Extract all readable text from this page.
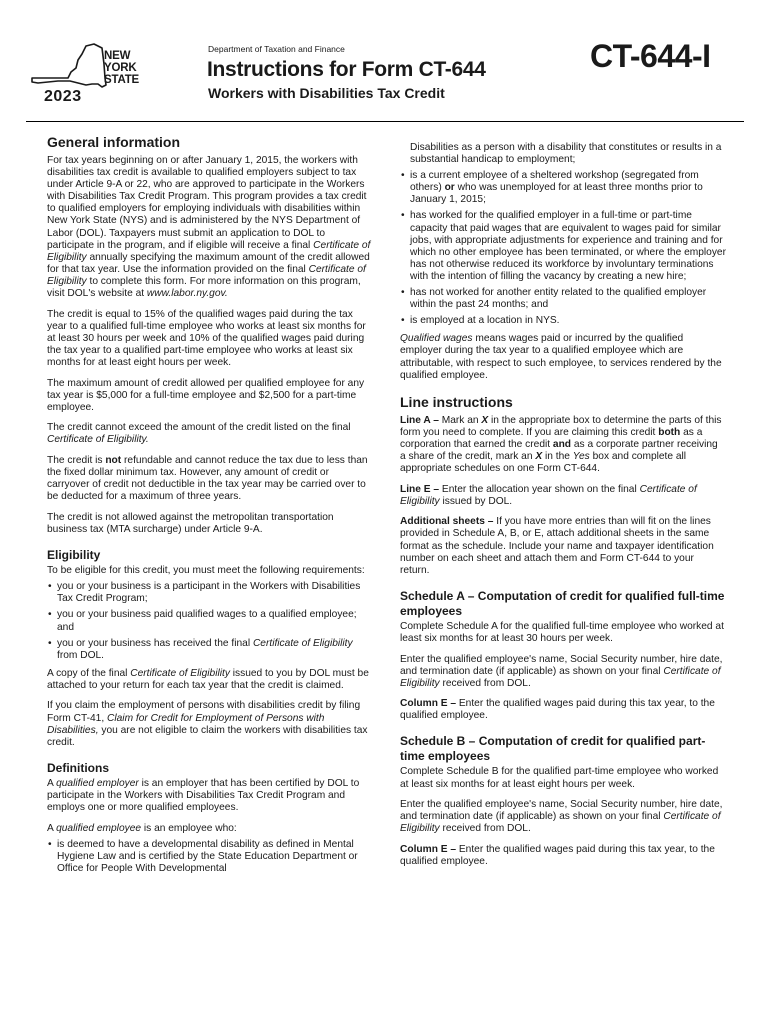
NEW
YORK
STATE
2023
Department of Taxation and Finance
Instructions for Form CT-644
Workers with Disabilities Tax Credit
CT-644-I
General information

For tax years beginning on or after January 1, 2015, the workers with disabilities tax credit is available to qualified employers subject to tax under Article 9-A or 22, who are approved to participate in the Workers with Disabilities Tax Credit Program. This program provides a tax credit to qualified employers for employing individuals with disabilities within New York State (NYS) and is administered by the NYS Department of Labor (DOL). Taxpayers must submit an application to DOL to participate in the program, and if eligible will receive a final Certificate of Eligibility annually specifying the maximum amount of the credit allowed for that tax year. Use the information provided on the final Certificate of Eligibility to complete this form. For more information on this program, visit DOL's website at www.labor.ny.gov.

The credit is equal to 15% of the qualified wages paid during the tax year to a qualified full-time employee who works at least six months for at least 30 hours per week and 10% of the qualified wages paid during the tax year to a qualified part-time employee who works at least six months for at least eight hours per week.

The maximum amount of credit allowed per qualified employee for any tax year is $5,000 for a full-time employee and $2,500 for a part-time employee.

The credit cannot exceed the amount of the credit listed on the final Certificate of Eligibility.

The credit is not refundable and cannot reduce the tax due to less than the fixed dollar minimum tax. However, any amount of credit or carryover of credit not deductible in the tax year may be carried over to be deducted for a maximum of three years.

The credit is not allowed against the metropolitan transportation business tax (MTA surcharge) under Article 9-A.

Eligibility

To be eligible for this credit, you must meet the following requirements:

• you or your business is a participant in the Workers with Disabilities Tax Credit Program;
• you or your business paid qualified wages to a qualified employee; and
• you or your business has received the final Certificate of Eligibility from DOL.

A copy of the final Certificate of Eligibility issued to you by DOL must be attached to your return for each tax year that the credit is claimed.

If you claim the employment of persons with disabilities credit by filing Form CT-41, Claim for Credit for Employment of Persons with Disabilities, you are not eligible to claim the workers with disabilities tax credit.

Definitions

A qualified employer is an employer that has been certified by DOL to participate in the Workers with Disabilities Tax Credit Program and employs one or more qualified employees.

A qualified employee is an employee who:

• is deemed to have a developmental disability as defined in Mental Hygiene Law and is certified by the State Education Department or Office for People With Developmental

Disabilities as a person with a disability that constitutes or results in a substantial handicap to employment;

• is a current employee of a sheltered workshop (segregated from others) or who was unemployed for at least three months prior to January 1, 2015;
• has worked for the qualified employer in a full-time or part-time capacity that paid wages that are equivalent to wages paid for similar jobs, with appropriate adjustments for experience and training and for which no other employee has been terminated, or where the employer has not otherwise reduced its workforce by involuntary terminations with the intention of filling the vacancy by creating a new hire;
• has not worked for another entity related to the qualified employer within the past 24 months; and
• is employed at a location in NYS.

Qualified wages means wages paid or incurred by the qualified employer during the tax year to a qualified employee which are attributable, with respect to such employee, to services rendered by the qualified employee.

Line instructions

Line A – Mark an X in the appropriate box to determine the parts of this form you need to complete. If you are claiming this credit both as a corporation that earned the credit and as a corporate partner receiving a share of the credit, mark an X in the Yes box and complete all appropriate schedules on one Form CT-644.

Line E – Enter the allocation year shown on the final Certificate of Eligibility issued by DOL.

Additional sheets – If you have more entries than will fit on the lines provided in Schedule A, B, or E, attach additional sheets in the same format as the schedule. Include your name and taxpayer identification number on each sheet and attach them and Form CT-644 to your return.

Schedule A – Computation of credit for qualified full-time employees

Complete Schedule A for the qualified full-time employee who worked at least six months for at least 30 hours per week.

Enter the qualified employee's name, Social Security number, hire date, and termination date (if applicable) as shown on your final Certificate of Eligibility received from DOL.

Column E – Enter the qualified wages paid during this tax year, to the qualified employee.

Schedule B – Computation of credit for qualified part-time employees

Complete Schedule B for the qualified part-time employee who worked at least six months for at least eight hours per week.

Enter the qualified employee's name, Social Security number, hire date, and termination date (if applicable) as shown on your final Certificate of Eligibility received from DOL.

Column E – Enter the qualified wages paid during this tax year, to the qualified employee.
